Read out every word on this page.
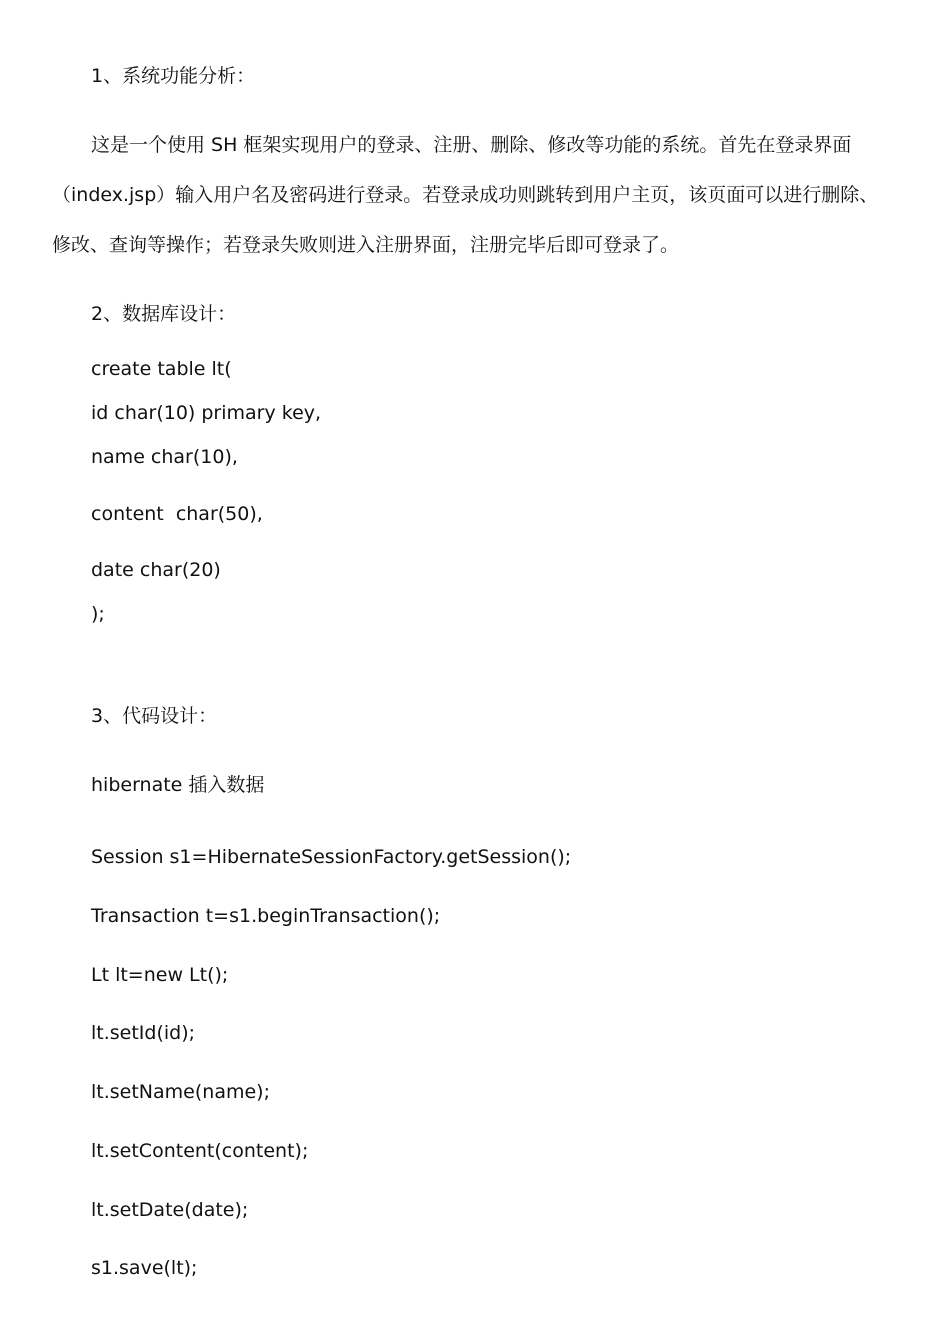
1、系统功能分析：
这是一个使用 SH 框架实现用户的登录、注册、删除、修改等功能的系统。首先在登录界面
（index.jsp）输入用户名及密码进行登录。若登录成功则跳转到用户主页，该页面可以进行删除、
修改、查询等操作；若登录失败则进入注册界面，注册完毕后即可登录了。
2、数据库设计：
create table lt(
id char(10) primary key,
name char(10),
content  char(50),
date char(20)
);
3、代码设计：
hibernate 插入数据
Session s1=HibernateSessionFactory.getSession();
Transaction t=s1.beginTransaction();
Lt lt=new Lt();
lt.setId(id);
lt.setName(name);
lt.setContent(content);
lt.setDate(date);
s1.save(lt);
